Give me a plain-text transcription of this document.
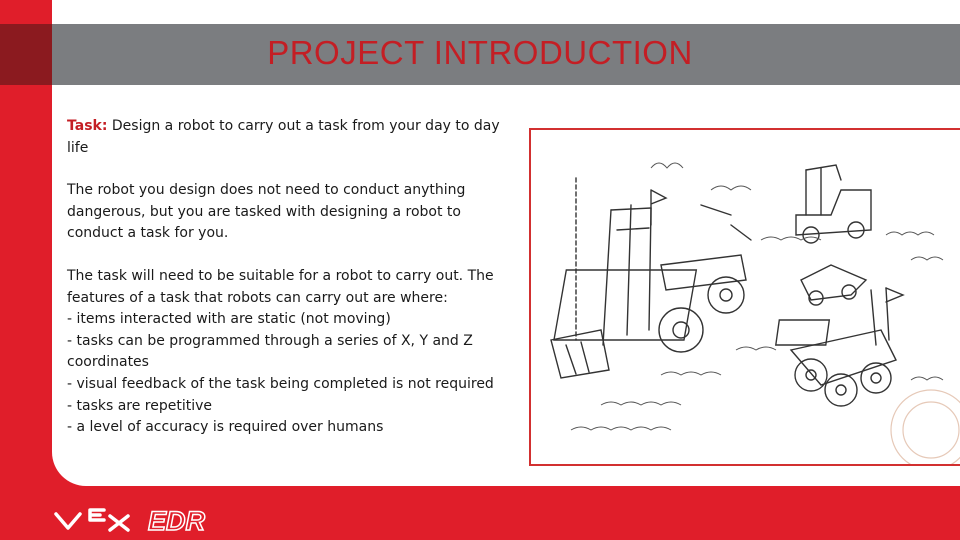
PROJECT INTRODUCTION

Task: Design a robot to carry out a task from your day to day life

The robot you design does not need to conduct anything dangerous, but you are tasked with designing a robot to conduct a task for you.

The task will need to be suitable for a robot to carry out. The features of a task that robots can carry out are where:
- items interacted with are static (not moving)
- tasks can be programmed through a series of X, Y and Z coordinates
- visual feedback of the task being completed is not required
- tasks are repetitive
- a level of accuracy is required over humans

EDR
